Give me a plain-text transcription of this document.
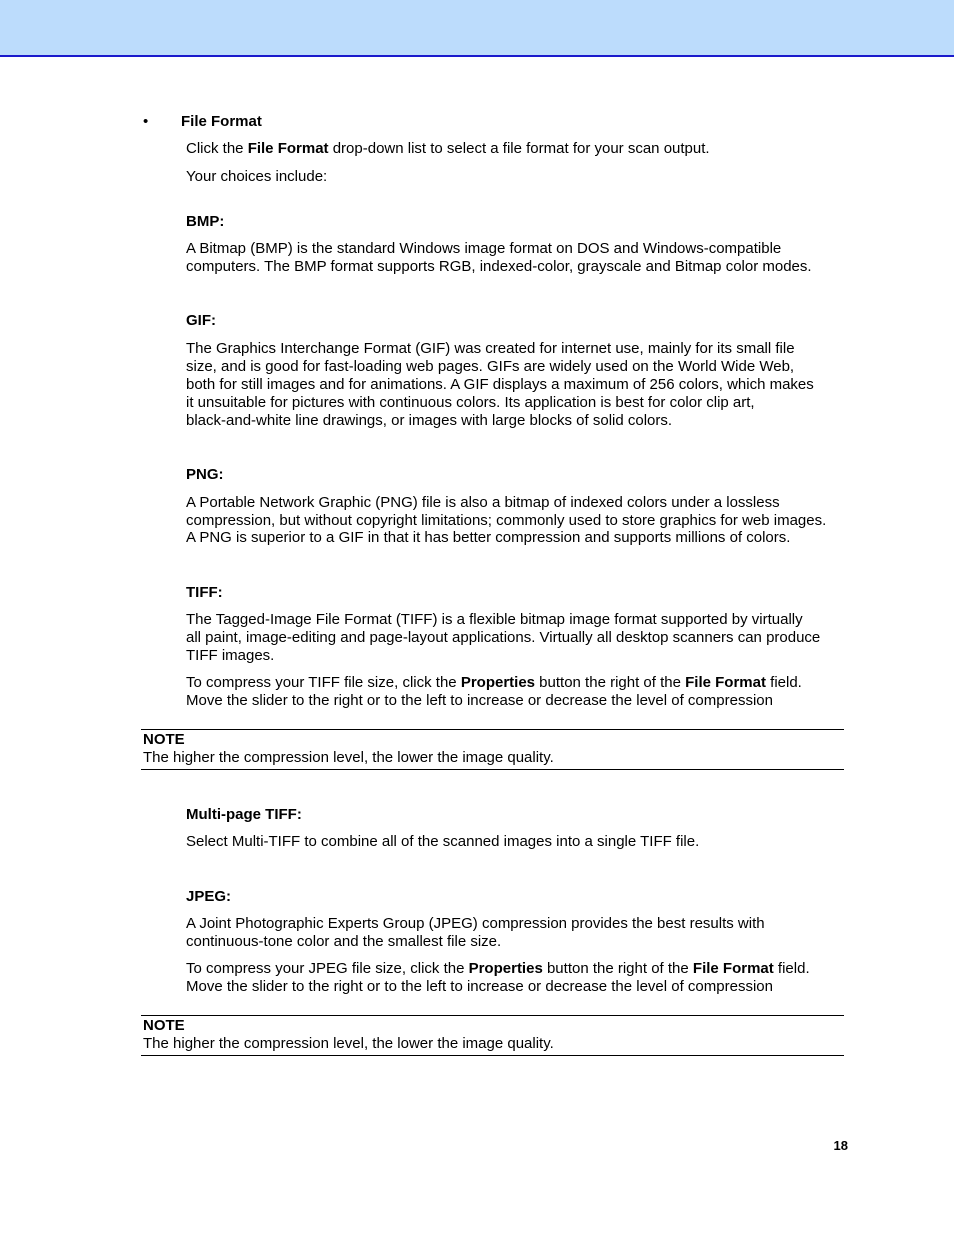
• File Format
Click the File Format drop-down list to select a file format for your scan output.
Your choices include:
BMP:
A Bitmap (BMP) is the standard Windows image format on DOS and Windows-compatible
computers. The BMP format supports RGB, indexed-color, grayscale and Bitmap color modes.
GIF:
The Graphics Interchange Format (GIF) was created for internet use, mainly for its small file
size, and is good for fast-loading web pages. GIFs are widely used on the World Wide Web,
both for still images and for animations. A GIF displays a maximum of 256 colors, which makes
it unsuitable for pictures with continuous colors. Its application is best for color clip art,
black-and-white line drawings, or images with large blocks of solid colors.
PNG:
A Portable Network Graphic (PNG) file is also a bitmap of indexed colors under a lossless
compression, but without copyright limitations; commonly used to store graphics for web images.
A PNG is superior to a GIF in that it has better compression and supports millions of colors.
TIFF:
The Tagged-Image File Format (TIFF) is a flexible bitmap image format supported by virtually
all paint, image-editing and page-layout applications. Virtually all desktop scanners can produce
TIFF images.
To compress your TIFF file size, click the Properties button the right of the File Format field.
Move the slider to the right or to the left to increase or decrease the level of compression
NOTE
The higher the compression level, the lower the image quality.
Multi-page TIFF:
Select Multi-TIFF to combine all of the scanned images into a single TIFF file.
JPEG:
A Joint Photographic Experts Group (JPEG) compression provides the best results with
continuous-tone color and the smallest file size.
To compress your JPEG file size, click the Properties button the right of the File Format field.
Move the slider to the right or to the left to increase or decrease the level of compression
NOTE
The higher the compression level, the lower the image quality.
18
